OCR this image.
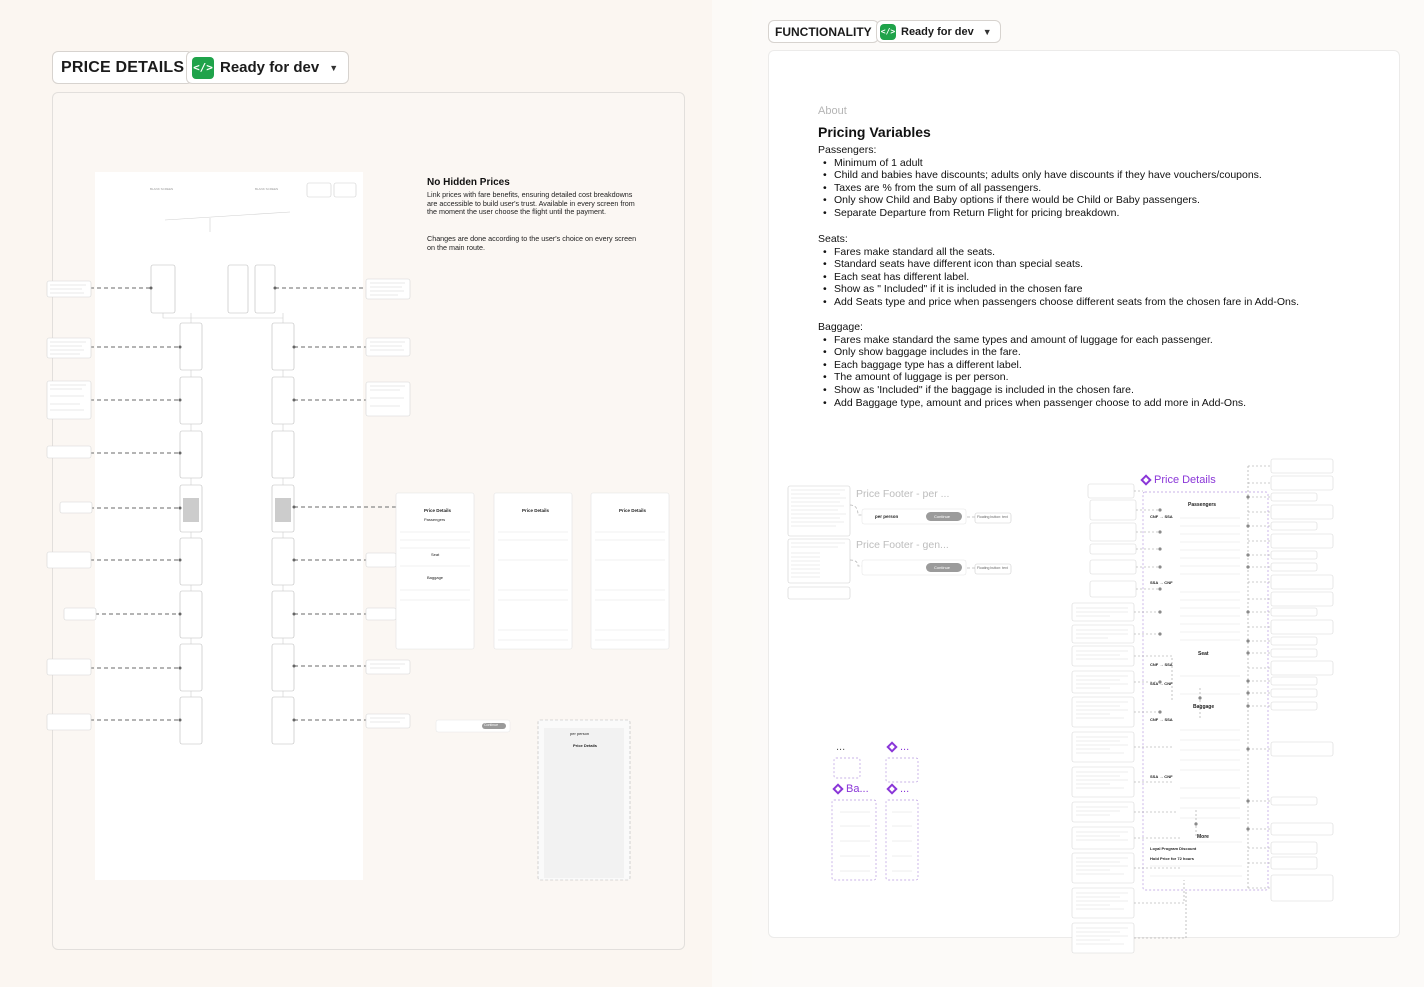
PRICE DETAILS </> Ready for dev ▼
No Hidden Prices
Link prices with fare benefits, ensuring detailed cost breakdowns are accessible to build user's trust. Available in every screen from the moment the user choose the flight until the payment.
Changes are done according to the user's choice on every screen on the main route.
BLANK SCREEN	BLANK SCREEN
Price Details
Passengers
Seat
Baggage
Price Details	Price Details
Continue
per person
Price Details
FUNCTIONALITY	</> Ready for dev ▼
About
Pricing Variables
Passengers:
• Minimum of 1 adult
• Child and babies have discounts; adults only have discounts if they have vouchers/coupons.
• Taxes are % from the sum of all passengers.
• Only show Child and Baby options if there would be Child or Baby passengers.
• Separate Departure from Return Flight for pricing breakdown.
Seats:
• Fares make standard all the seats.
• Standard seats have different icon than special seats.
• Each seat has different label.
• Show as " Included" if it is included in the chosen fare
• Add Seats type and price when passengers choose different seats from the chosen fare in Add-Ons.
Baggage:
• Fares make standard the same types and amount of luggage for each passenger.
• Only show baggage includes in the fare.
• Each baggage type has a different label.
• The amount of luggage is per person.
• Show as 'Included" if the baggage is included in the chosen fare.
• Add Baggage type, amount and prices when passenger choose to add more in Add-Ons.
Price Details
Price Footer - per ...
Price Footer - gen...
per person	Continue
Continue
Floating button: text
Floating button: text
Passengers
CNF → SSA
SSA → CNF
Seat
CNF → SSA
SSA → CNF
Baggage
CNF → SSA
SSA → CNF
More
Loyal Program Discount
Hold Price for 72 hours
...	...
Ba...	...
